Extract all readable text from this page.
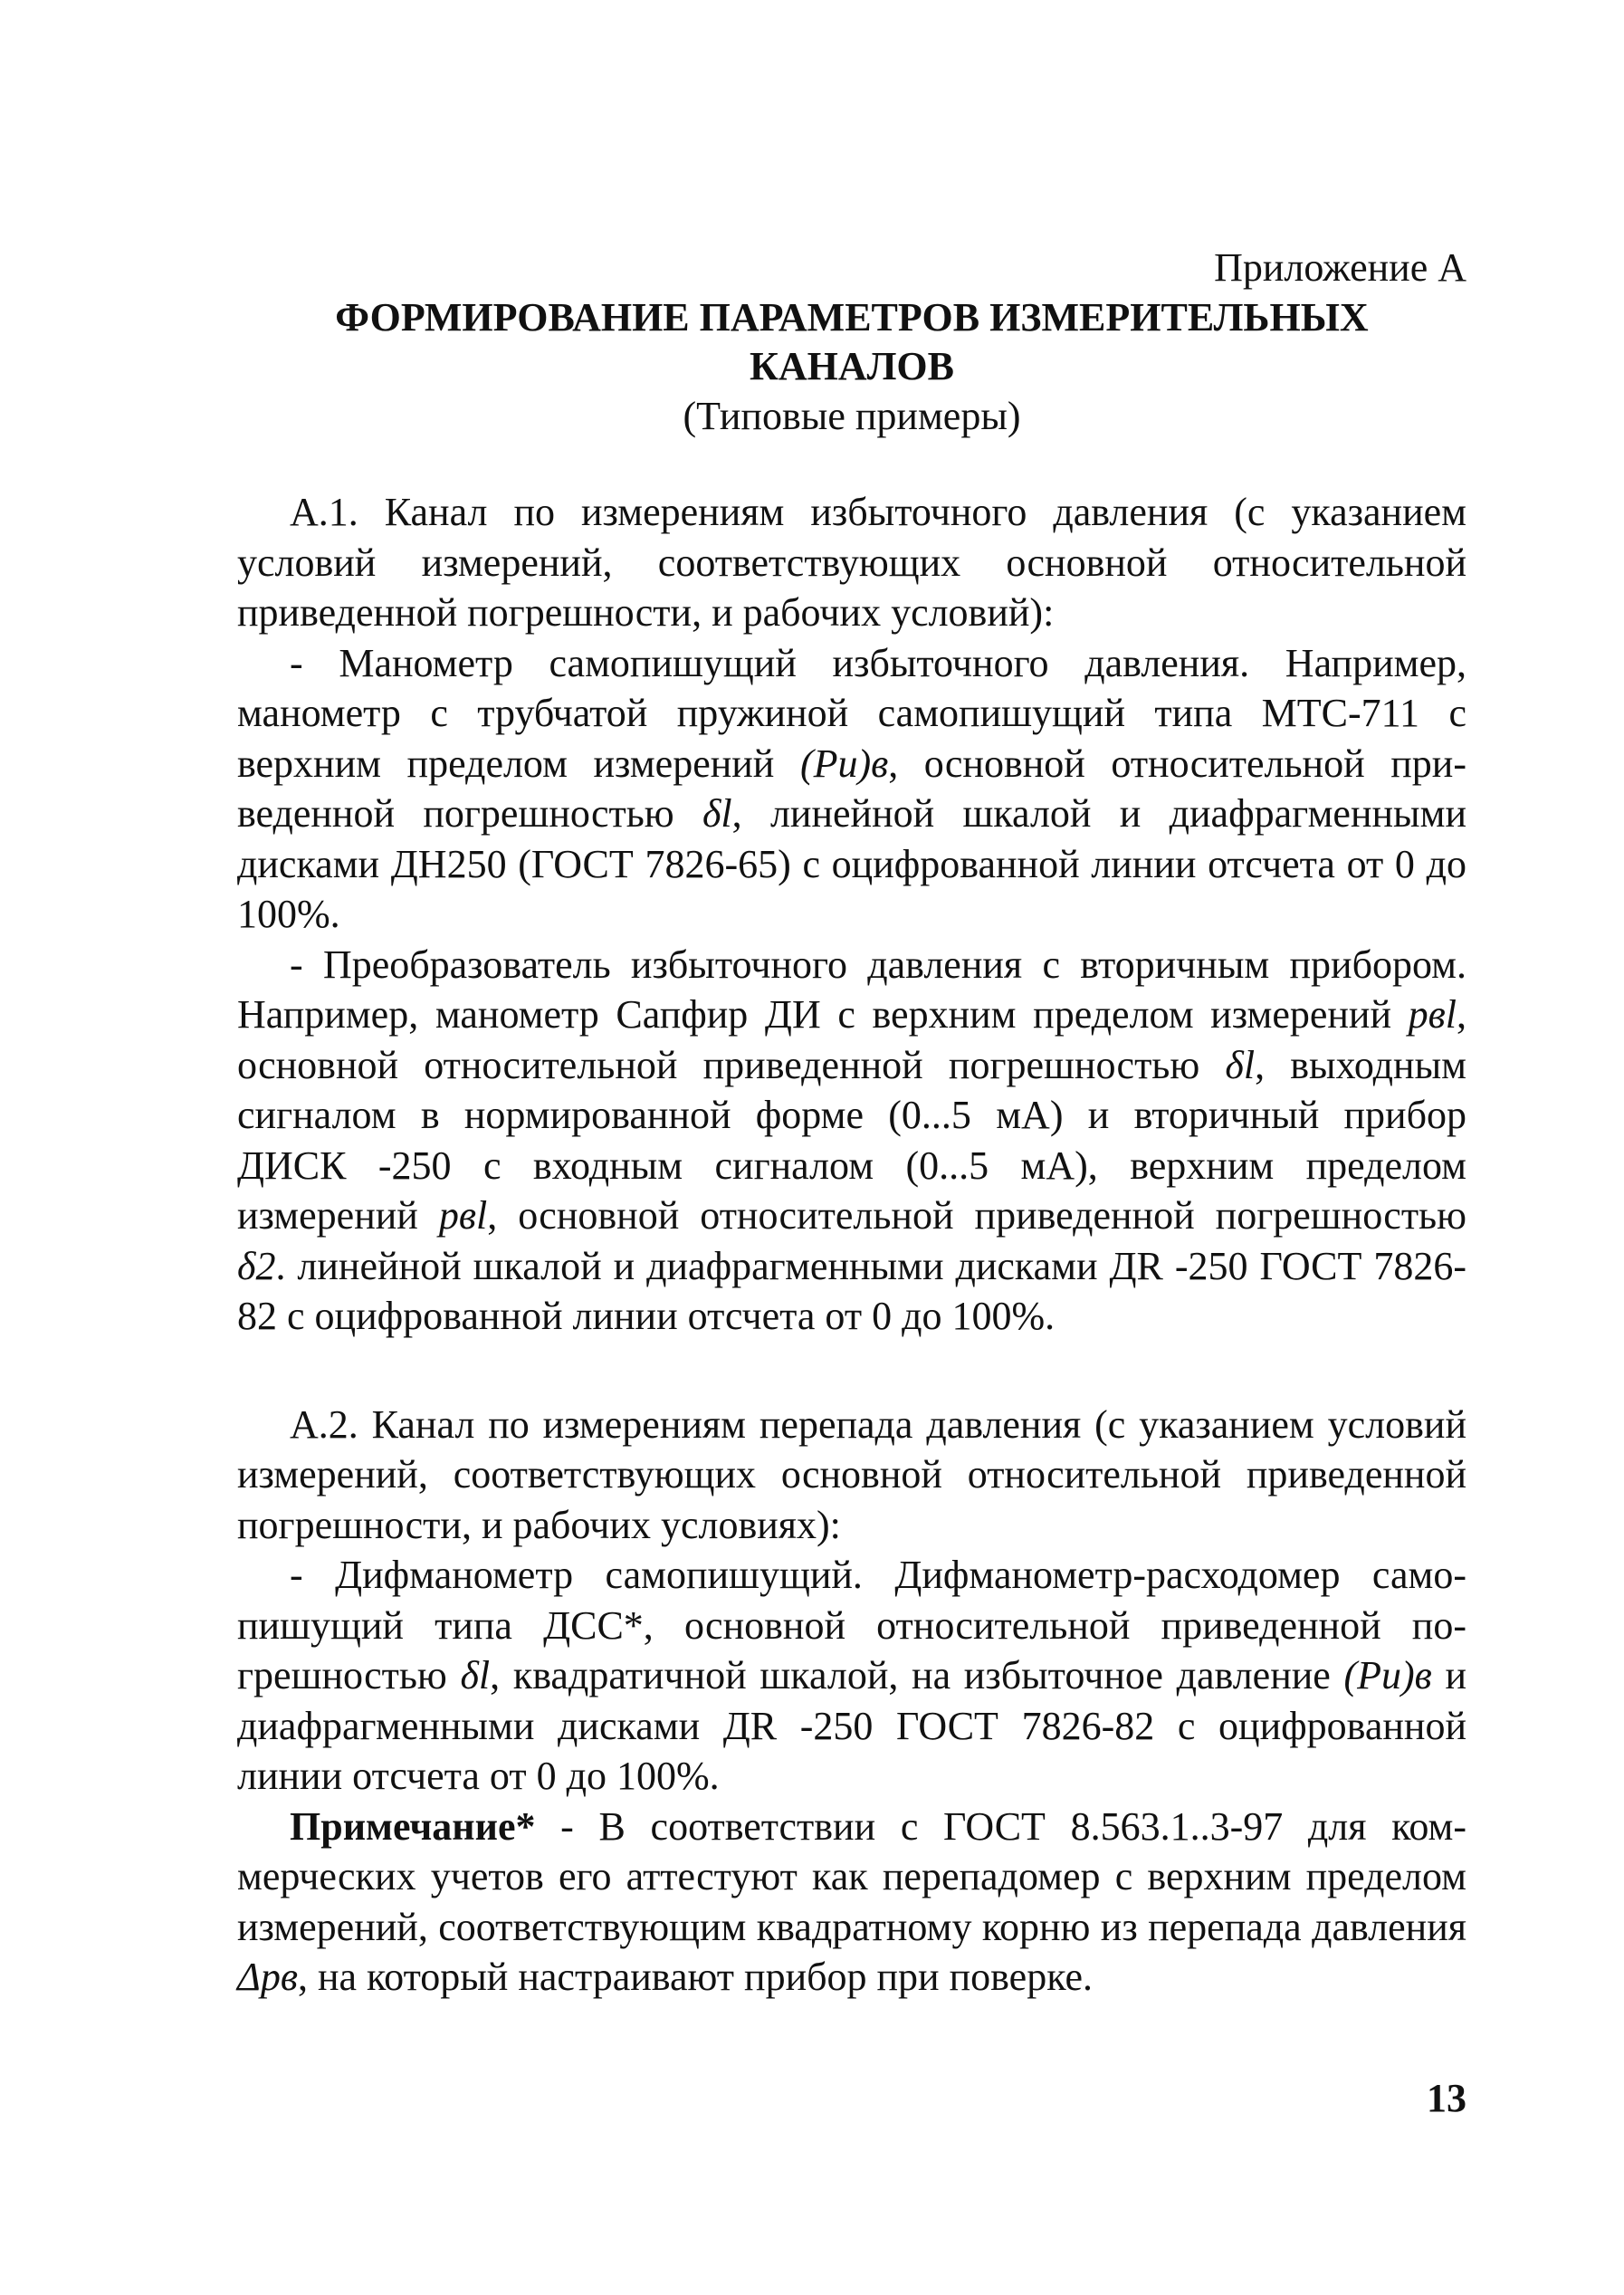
Приложение А
ФОРМИРОВАНИЕ ПАРАМЕТРОВ ИЗМЕРИТЕЛЬНЫХ КАНАЛОВ
(Типовые примеры)

А.1. Канал по измерениям избыточного давления (с указанием условий измерений, соответствующих основной относительной приведенной погрешности, и рабочих условий):

- Манометр самопишущий избыточного давления. Например, манометр с трубчатой пружиной самопишущий типа МТС-711 с верхним пределом измерений (Pи)в, основной относительной приведенной погрешностью δl, линейной шкалой и диафрагменными дисками ДН250 (ГОСТ 7826-65) с оцифрованной линии отсчета от 0 до 100%.

- Преобразователь избыточного давления с вторичным прибором. Например, манометр Сапфир ДИ с верхним пределом измерений pвl, основной относительной приведенной погрешностью δl, выходным сигналом в нормированной форме (0...5 мА) и вторичный прибор ДИСК -250 с входным сигналом (0...5 мА), верхним пределом измерений pвl, основной относительной приведенной погрешностью δ2. линейной шкалой и диафрагменными дисками ДR -250 ГОСТ 7826-82 с оцифрованной линии отсчета от 0 до 100%.

А.2. Канал по измерениям перепада давления (с указанием условий измерений, соответствующих основной относительной приведенной погрешности, и рабочих условиях):

- Дифманометр самопишущий. Дифманометр-расходомер самопишущий типа ДСС*, основной относительной приведенной погрешностью δl, квадратичной шкалой, на избыточное давление (Pи)в и диафрагменными дисками ДR -250 ГОСТ 7826-82 с оцифрованной линии отсчета от 0 до 100%.

Примечание* - В соответствии с ГОСТ 8.563.1..3-97 для коммерческих учетов его аттестуют как перепадомер с верхним пределом измерений, соответствующим квадратному корню из перепада давления Δpв, на который настраивают прибор при поверке.

13
